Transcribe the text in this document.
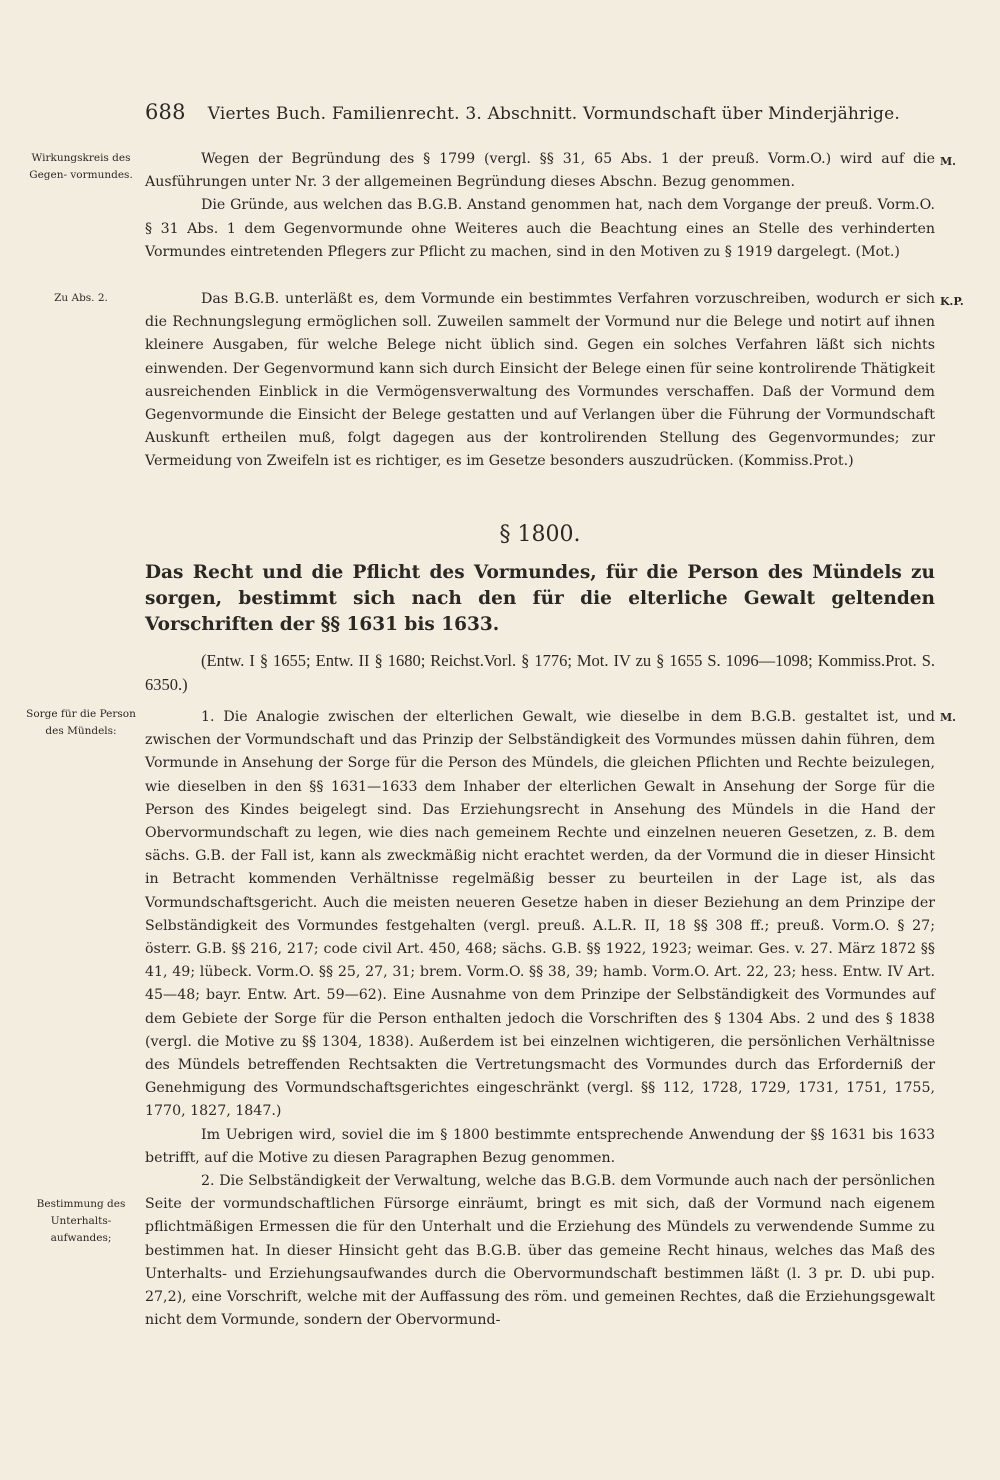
688 Viertes Buch. Familienrecht. 3. Abschnitt. Vormundschaft über Minderjährige.
Wirkungskreis des Gegen- vormundes.
Zu Abs. 2.
Sorge für die Person des Mündels:
Bestimmung des Unterhalts- aufwandes;
M.
K.P.
M.

Wegen der Begründung des § 1799 (vergl. §§ 31, 65 Abs. 1 der preuß. Vorm.O.) wird auf die Ausführungen unter Nr. 3 der allgemeinen Begründung dieses Abschn. Bezug genommen.

Die Gründe, aus welchen das B.G.B. Anstand genommen hat, nach dem Vorgange der preuß. Vorm.O. § 31 Abs. 1 dem Gegenvormunde ohne Weiteres auch die Beachtung eines an Stelle des verhinderten Vormundes eintretenden Pflegers zur Pflicht zu machen, sind in den Motiven zu § 1919 dargelegt. (Mot.)

Das B.G.B. unterläßt es, dem Vormunde ein bestimmtes Verfahren vorzuschreiben, wodurch er sich die Rechnungslegung ermöglichen soll. Zuweilen sammelt der Vormund nur die Belege und notirt auf ihnen kleinere Ausgaben, für welche Belege nicht üblich sind. Gegen ein solches Verfahren läßt sich nichts einwenden. Der Gegenvormund kann sich durch Einsicht der Belege einen für seine kontrolirende Thätigkeit ausreichenden Einblick in die Vermögensverwaltung des Vormundes verschaffen. Daß der Vormund dem Gegenvormunde die Einsicht der Belege gestatten und auf Verlangen über die Führung der Vormundschaft Auskunft ertheilen muß, folgt dagegen aus der kontrolirenden Stellung des Gegenvormundes; zur Vermeidung von Zweifeln ist es richtiger, es im Gesetze besonders auszudrücken. (Kommiss.Prot.)

§ 1800.
Das Recht und die Pflicht des Vormundes, für die Person des Mündels zu sorgen, bestimmt sich nach den für die elterliche Gewalt geltenden Vorschriften der §§ 1631 bis 1633.
(Entw. I § 1655; Entw. II § 1680; Reichst.Vorl. § 1776; Mot. IV zu § 1655 S. 1096—1098; Kommiss.Prot. S. 6350.)

1. Die Analogie zwischen der elterlichen Gewalt, wie dieselbe in dem B.G.B. gestaltet ist, und zwischen der Vormundschaft und das Prinzip der Selbständigkeit des Vormundes müssen dahin führen, dem Vormunde in Ansehung der Sorge für die Person des Mündels, die gleichen Pflichten und Rechte beizulegen, wie dieselben in den §§ 1631—1633 dem Inhaber der elterlichen Gewalt in Ansehung der Sorge für die Person des Kindes beigelegt sind. Das Erziehungsrecht in Ansehung des Mündels in die Hand der Obervormundschaft zu legen, wie dies nach gemeinem Rechte und einzelnen neueren Gesetzen, z. B. dem sächs. G.B. der Fall ist, kann als zweckmäßig nicht erachtet werden, da der Vormund die in dieser Hinsicht in Betracht kommenden Verhältnisse regelmäßig besser zu beurteilen in der Lage ist, als das Vormundschaftsgericht. Auch die meisten neueren Gesetze haben in dieser Beziehung an dem Prinzipe der Selbständigkeit des Vormundes festgehalten (vergl. preuß. A.L.R. II, 18 §§ 308 ff.; preuß. Vorm.O. § 27; österr. G.B. §§ 216, 217; code civil Art. 450, 468; sächs. G.B. §§ 1922, 1923; weimar. Ges. v. 27. März 1872 §§ 41, 49; lübeck. Vorm.O. §§ 25, 27, 31; brem. Vorm.O. §§ 38, 39; hamb. Vorm.O. Art. 22, 23; hess. Entw. IV Art. 45—48; bayr. Entw. Art. 59—62). Eine Ausnahme von dem Prinzipe der Selbständigkeit des Vormundes auf dem Gebiete der Sorge für die Person enthalten jedoch die Vorschriften des § 1304 Abs. 2 und des § 1838 (vergl. die Motive zu §§ 1304, 1838). Außerdem ist bei einzelnen wichtigeren, die persönlichen Verhältnisse des Mündels betreffenden Rechtsakten die Vertretungsmacht des Vormundes durch das Erforderniß der Genehmigung des Vormundschaftsgerichtes eingeschränkt (vergl. §§ 112, 1728, 1729, 1731, 1751, 1755, 1770, 1827, 1847.)

Im Uebrigen wird, soviel die im § 1800 bestimmte entsprechende Anwendung der §§ 1631 bis 1633 betrifft, auf die Motive zu diesen Paragraphen Bezug genommen.

2. Die Selbständigkeit der Verwaltung, welche das B.G.B. dem Vormunde auch nach der persönlichen Seite der vormundschaftlichen Fürsorge einräumt, bringt es mit sich, daß der Vormund nach eigenem pflichtmäßigen Ermessen die für den Unterhalt und die Erziehung des Mündels zu verwendende Summe zu bestimmen hat. In dieser Hinsicht geht das B.G.B. über das gemeine Recht hinaus, welches das Maß des Unterhalts- und Erziehungsaufwandes durch die Obervormundschaft bestimmen läßt (l. 3 pr. D. ubi pup. 27,2), eine Vorschrift, welche mit der Auffassung des röm. und gemeinen Rechtes, daß die Erziehungsgewalt nicht dem Vormunde, sondern der Obervormund-
